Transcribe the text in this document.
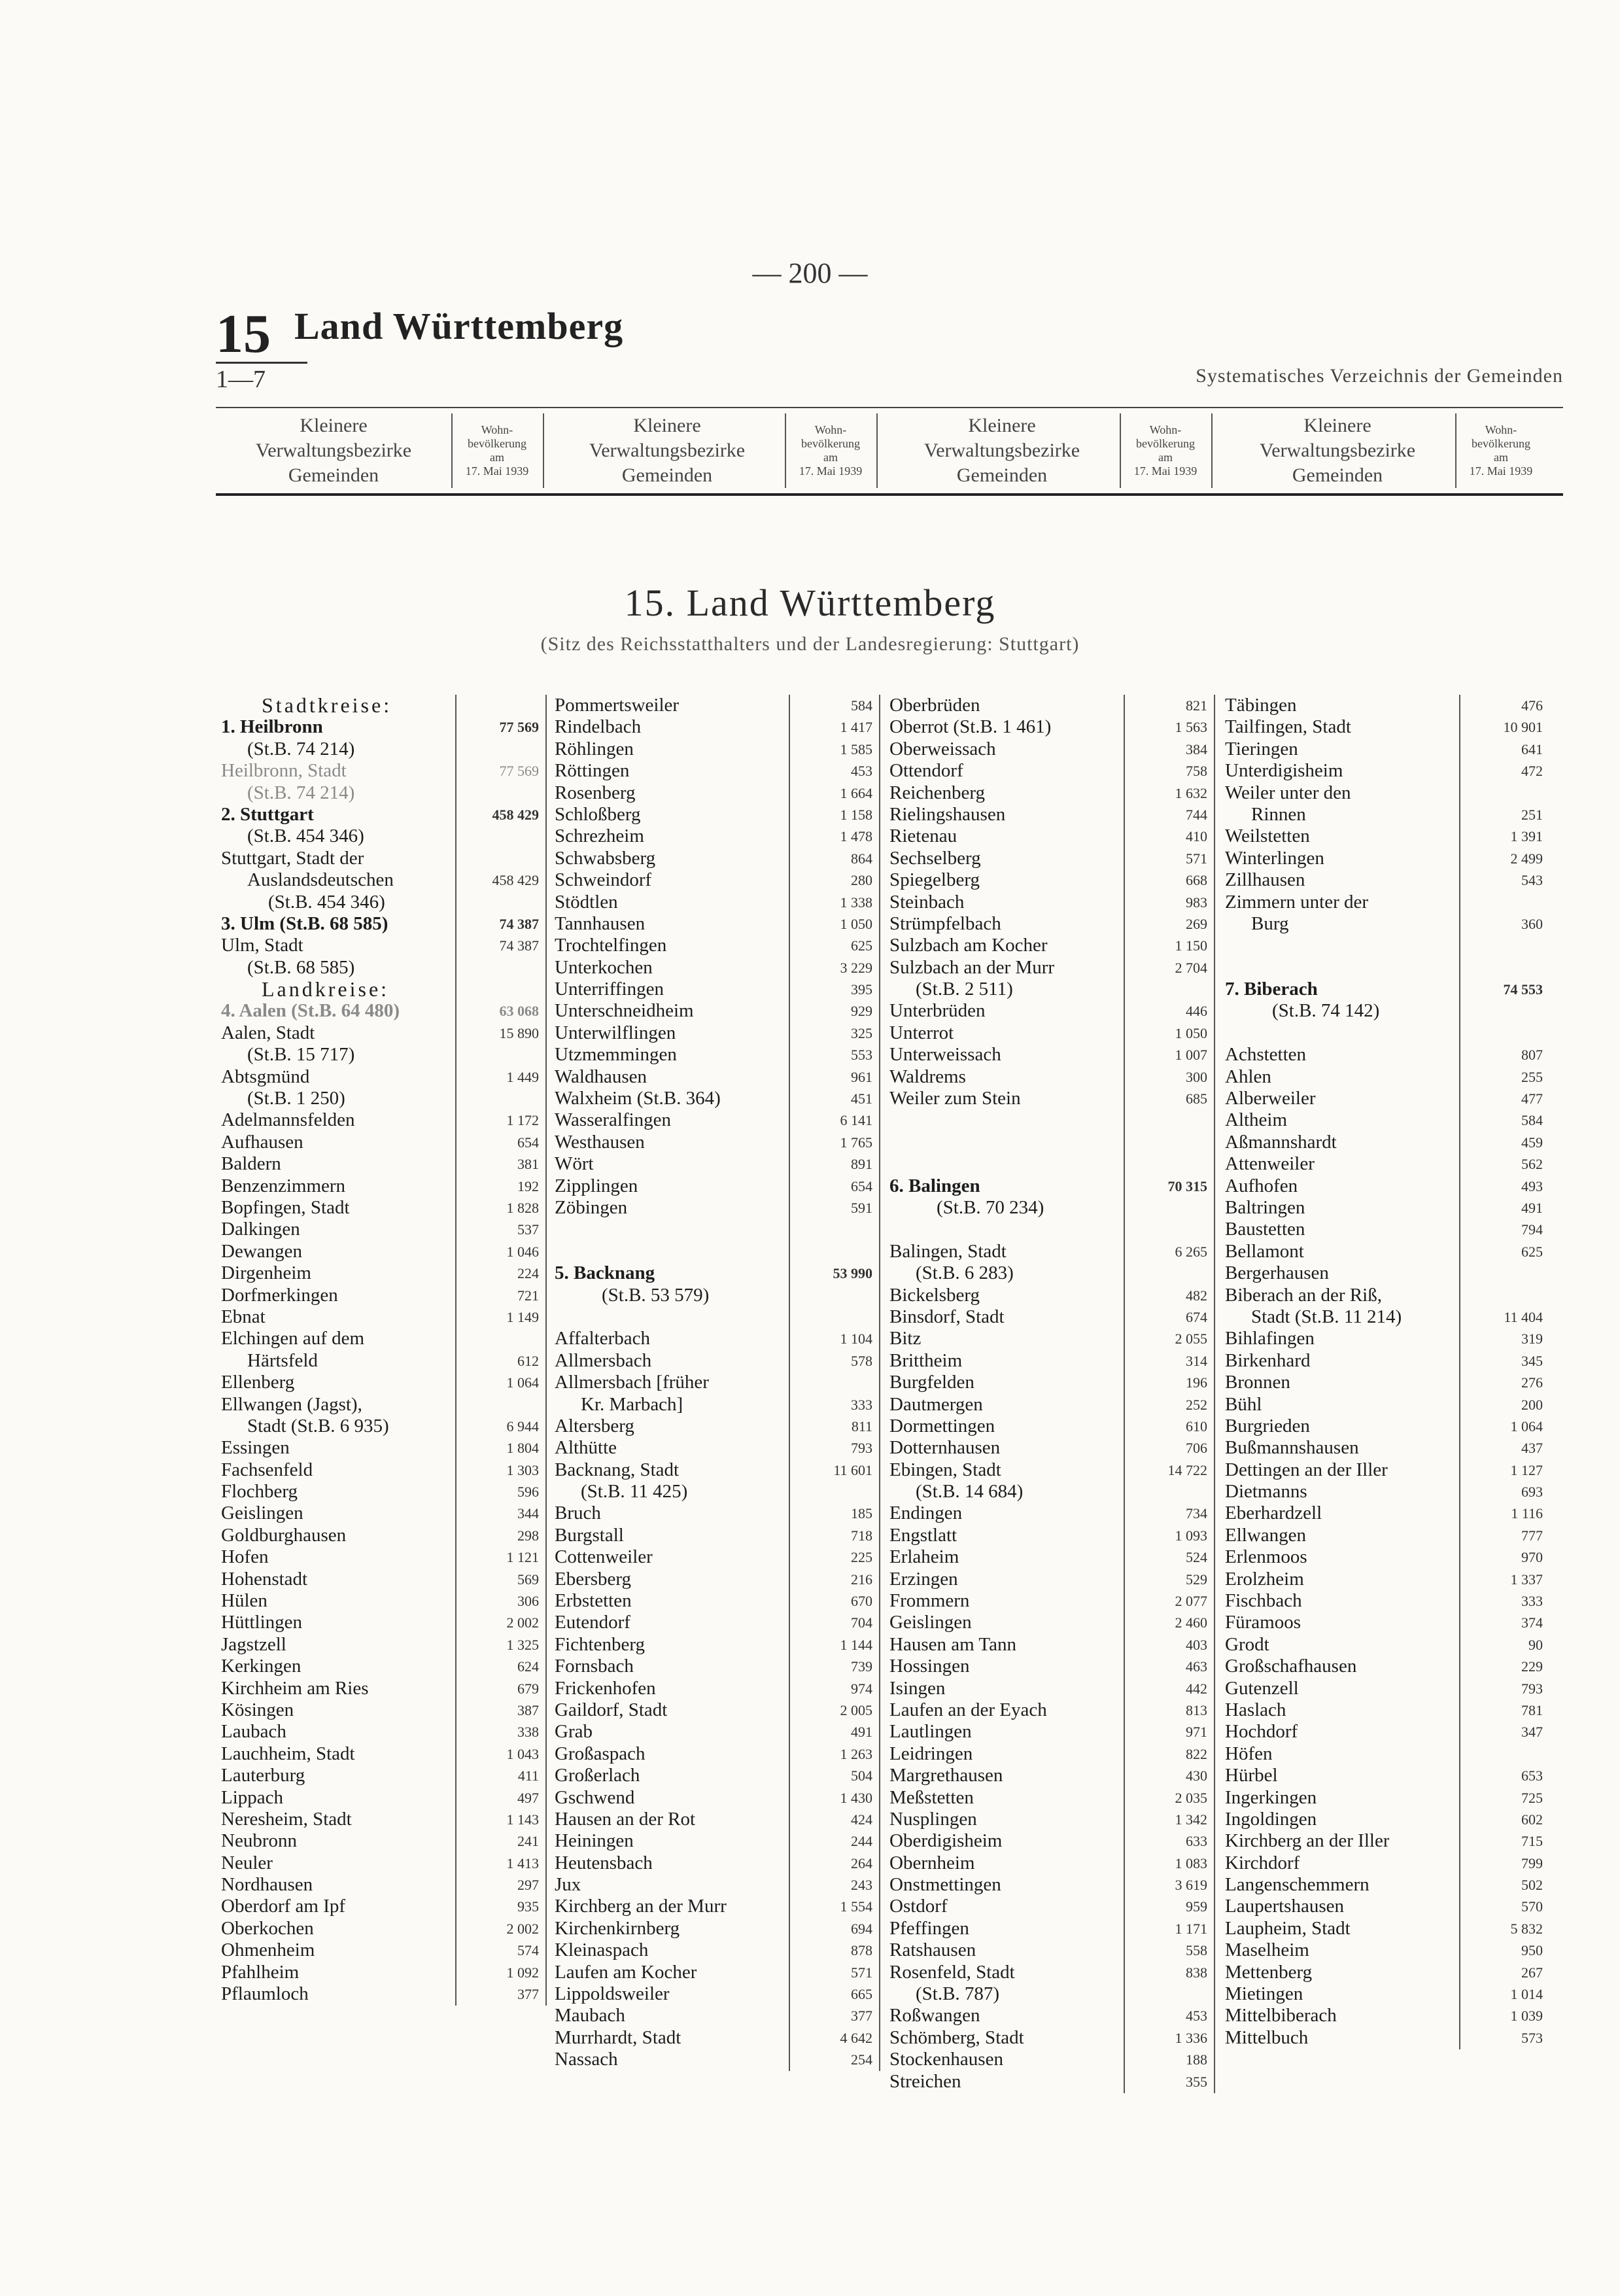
— 200 —
15 Land Württemberg
1—7	Systematisches Verzeichnis der Gemeinden
Kleinere
Verwaltungsbezirke
Gemeinden
Wohn-
bevölkerung
am
17. Mai 1939
Kleinere
Verwaltungsbezirke
Gemeinden
Wohn-
bevölkerung
am
17. Mai 1939
Kleinere
Verwaltungsbezirke
Gemeinden
Wohn-
bevölkerung
am
17. Mai 1939
Kleinere
Verwaltungsbezirke
Gemeinden
Wohn-
bevölkerung
am
17. Mai 1939
15. Land Württemberg
(Sitz des Reichsstatthalters und der Landesregierung: Stuttgart)
Stadtkreise:
1. Heilbronn	77 569
(St.B. 74 214)
Heilbronn, Stadt	77 569
(St.B. 74 214)
2. Stuttgart	458 429
(St.B. 454 346)
Stuttgart, Stadt der
Auslandsdeutschen	458 429
(St.B. 454 346)
3. Ulm (St.B. 68 585)	74 387
Ulm, Stadt	74 387
(St.B. 68 585)
Landkreise:
4. Aalen (St.B. 64 480)	63 068
Aalen, Stadt	15 890
(St.B. 15 717)
Abtsgmünd	1 449
(St.B. 1 250)
Adelmannsfelden	1 172
Aufhausen	654
Baldern	381
Benzenzimmern	192
Bopfingen, Stadt	1 828
Dalkingen	537
Dewangen	1 046
Dirgenheim	224
Dorfmerkingen	721
Ebnat	1 149
Elchingen auf dem
Härtsfeld	612
Ellenberg	1 064
Ellwangen (Jagst),
Stadt (St.B. 6 935)	6 944
Essingen	1 804
Fachsenfeld	1 303
Flochberg	596
Geislingen	344
Goldburghausen	298
Hofen	1 121
Hohenstadt	569
Hülen	306
Hüttlingen	2 002
Jagstzell	1 325
Kerkingen	624
Kirchheim am Ries	679
Kösingen	387
Laubach	338
Lauchheim, Stadt	1 043
Lauterburg	411
Lippach	497
Neresheim, Stadt	1 143
Neubronn	241
Neuler	1 413
Nordhausen	297
Oberdorf am Ipf	935
Oberkochen	2 002
Ohmenheim	574
Pfahlheim	1 092
Pflaumloch	377
Pommertsweiler	584
Rindelbach	1 417
Röhlingen	1 585
Röttingen	453
Rosenberg	1 664
Schloßberg	1 158
Schrezheim	1 478
Schwabsberg	864
Schweindorf	280
Stödtlen	1 338
Tannhausen	1 050
Trochtelfingen	625
Unterkochen	3 229
Unterriffingen	395
Unterschneidheim	929
Unterwilflingen	325
Utzmemmingen	553
Waldhausen	961
Walxheim (St.B. 364)	451
Wasseralfingen	6 141
Westhausen	1 765
Wört	891
Zipplingen	654
Zöbingen	591
5. Backnang	53 990
(St.B. 53 579)
Affalterbach	1 104
Allmersbach	578
Allmersbach [früher
Kr. Marbach]	333
Altersberg	811
Althütte	793
Backnang, Stadt	11 601
(St.B. 11 425)
Bruch	185
Burgstall	718
Cottenweiler	225
Ebersberg	216
Erbstetten	670
Eutendorf	704
Fichtenberg	1 144
Fornsbach	739
Frickenhofen	974
Gaildorf, Stadt	2 005
Grab	491
Großaspach	1 263
Großerlach	504
Gschwend	1 430
Hausen an der Rot	424
Heiningen	244
Heutensbach	264
Jux	243
Kirchberg an der Murr	1 554
Kirchenkirnberg	694
Kleinaspach	878
Laufen am Kocher	571
Lippoldsweiler	665
Maubach	377
Murrhardt, Stadt	4 642
Nassach	254
Oberbrüden	821
Oberrot (St.B. 1 461)	1 563
Oberweissach	384
Ottendorf	758
Reichenberg	1 632
Rielingshausen	744
Rietenau	410
Sechselberg	571
Spiegelberg	668
Steinbach	983
Strümpfelbach	269
Sulzbach am Kocher	1 150
Sulzbach an der Murr	2 704
(St.B. 2 511)
Unterbrüden	446
Unterrot	1 050
Unterweissach	1 007
Waldrems	300
Weiler zum Stein	685
6. Balingen	70 315
(St.B. 70 234)
Balingen, Stadt	6 265
(St.B. 6 283)
Bickelsberg	482
Binsdorf, Stadt	674
Bitz	2 055
Brittheim	314
Burgfelden	196
Dautmergen	252
Dormettingen	610
Dotternhausen	706
Ebingen, Stadt	14 722
(St.B. 14 684)
Endingen	734
Engstlatt	1 093
Erlaheim	524
Erzingen	529
Frommern	2 077
Geislingen	2 460
Hausen am Tann	403
Hossingen	463
Isingen	442
Laufen an der Eyach	813
Lautlingen	971
Leidringen	822
Margrethausen	430
Meßstetten	2 035
Nusplingen	1 342
Oberdigisheim	633
Obernheim	1 083
Onstmettingen	3 619
Ostdorf	959
Pfeffingen	1 171
Ratshausen	558
Rosenfeld, Stadt	838
(St.B. 787)
Roßwangen	453
Schömberg, Stadt	1 336
Stockenhausen	188
Streichen	355
Täbingen	476
Tailfingen, Stadt	10 901
Tieringen	641
Unterdigisheim	472
Weiler unter den
Rinnen	251
Weilstetten	1 391
Winterlingen	2 499
Zillhausen	543
Zimmern unter der
Burg	360
7. Biberach	74 553
(St.B. 74 142)
Achstetten	807
Ahlen	255
Alberweiler	477
Altheim	584
Aßmannshardt	459
Attenweiler	562
Aufhofen	493
Baltringen	491
Baustetten	794
Bellamont	625
Bergerhausen
Biberach an der Riß,
Stadt (St.B. 11 214)	11 404
Bihlafingen	319
Birkenhard	345
Bronnen	276
Bühl	200
Burgrieden	1 064
Bußmannshausen	437
Dettingen an der Iller	1 127
Dietmanns	693
Eberhardzell	1 116
Ellwangen	777
Erlenmoos	970
Erolzheim	1 337
Fischbach	333
Füramoos	374
Grodt	90
Großschafhausen	229
Gutenzell	793
Haslach	781
Hochdorf	347
Höfen
Hürbel	653
Ingerkingen	725
Ingoldingen	602
Kirchberg an der Iller	715
Kirchdorf	799
Langenschemmern	502
Laupertshausen	570
Laupheim, Stadt	5 832
Maselheim	950
Mettenberg	267
Mietingen	1 014
Mittelbiberach	1 039
Mittelbuch	573
